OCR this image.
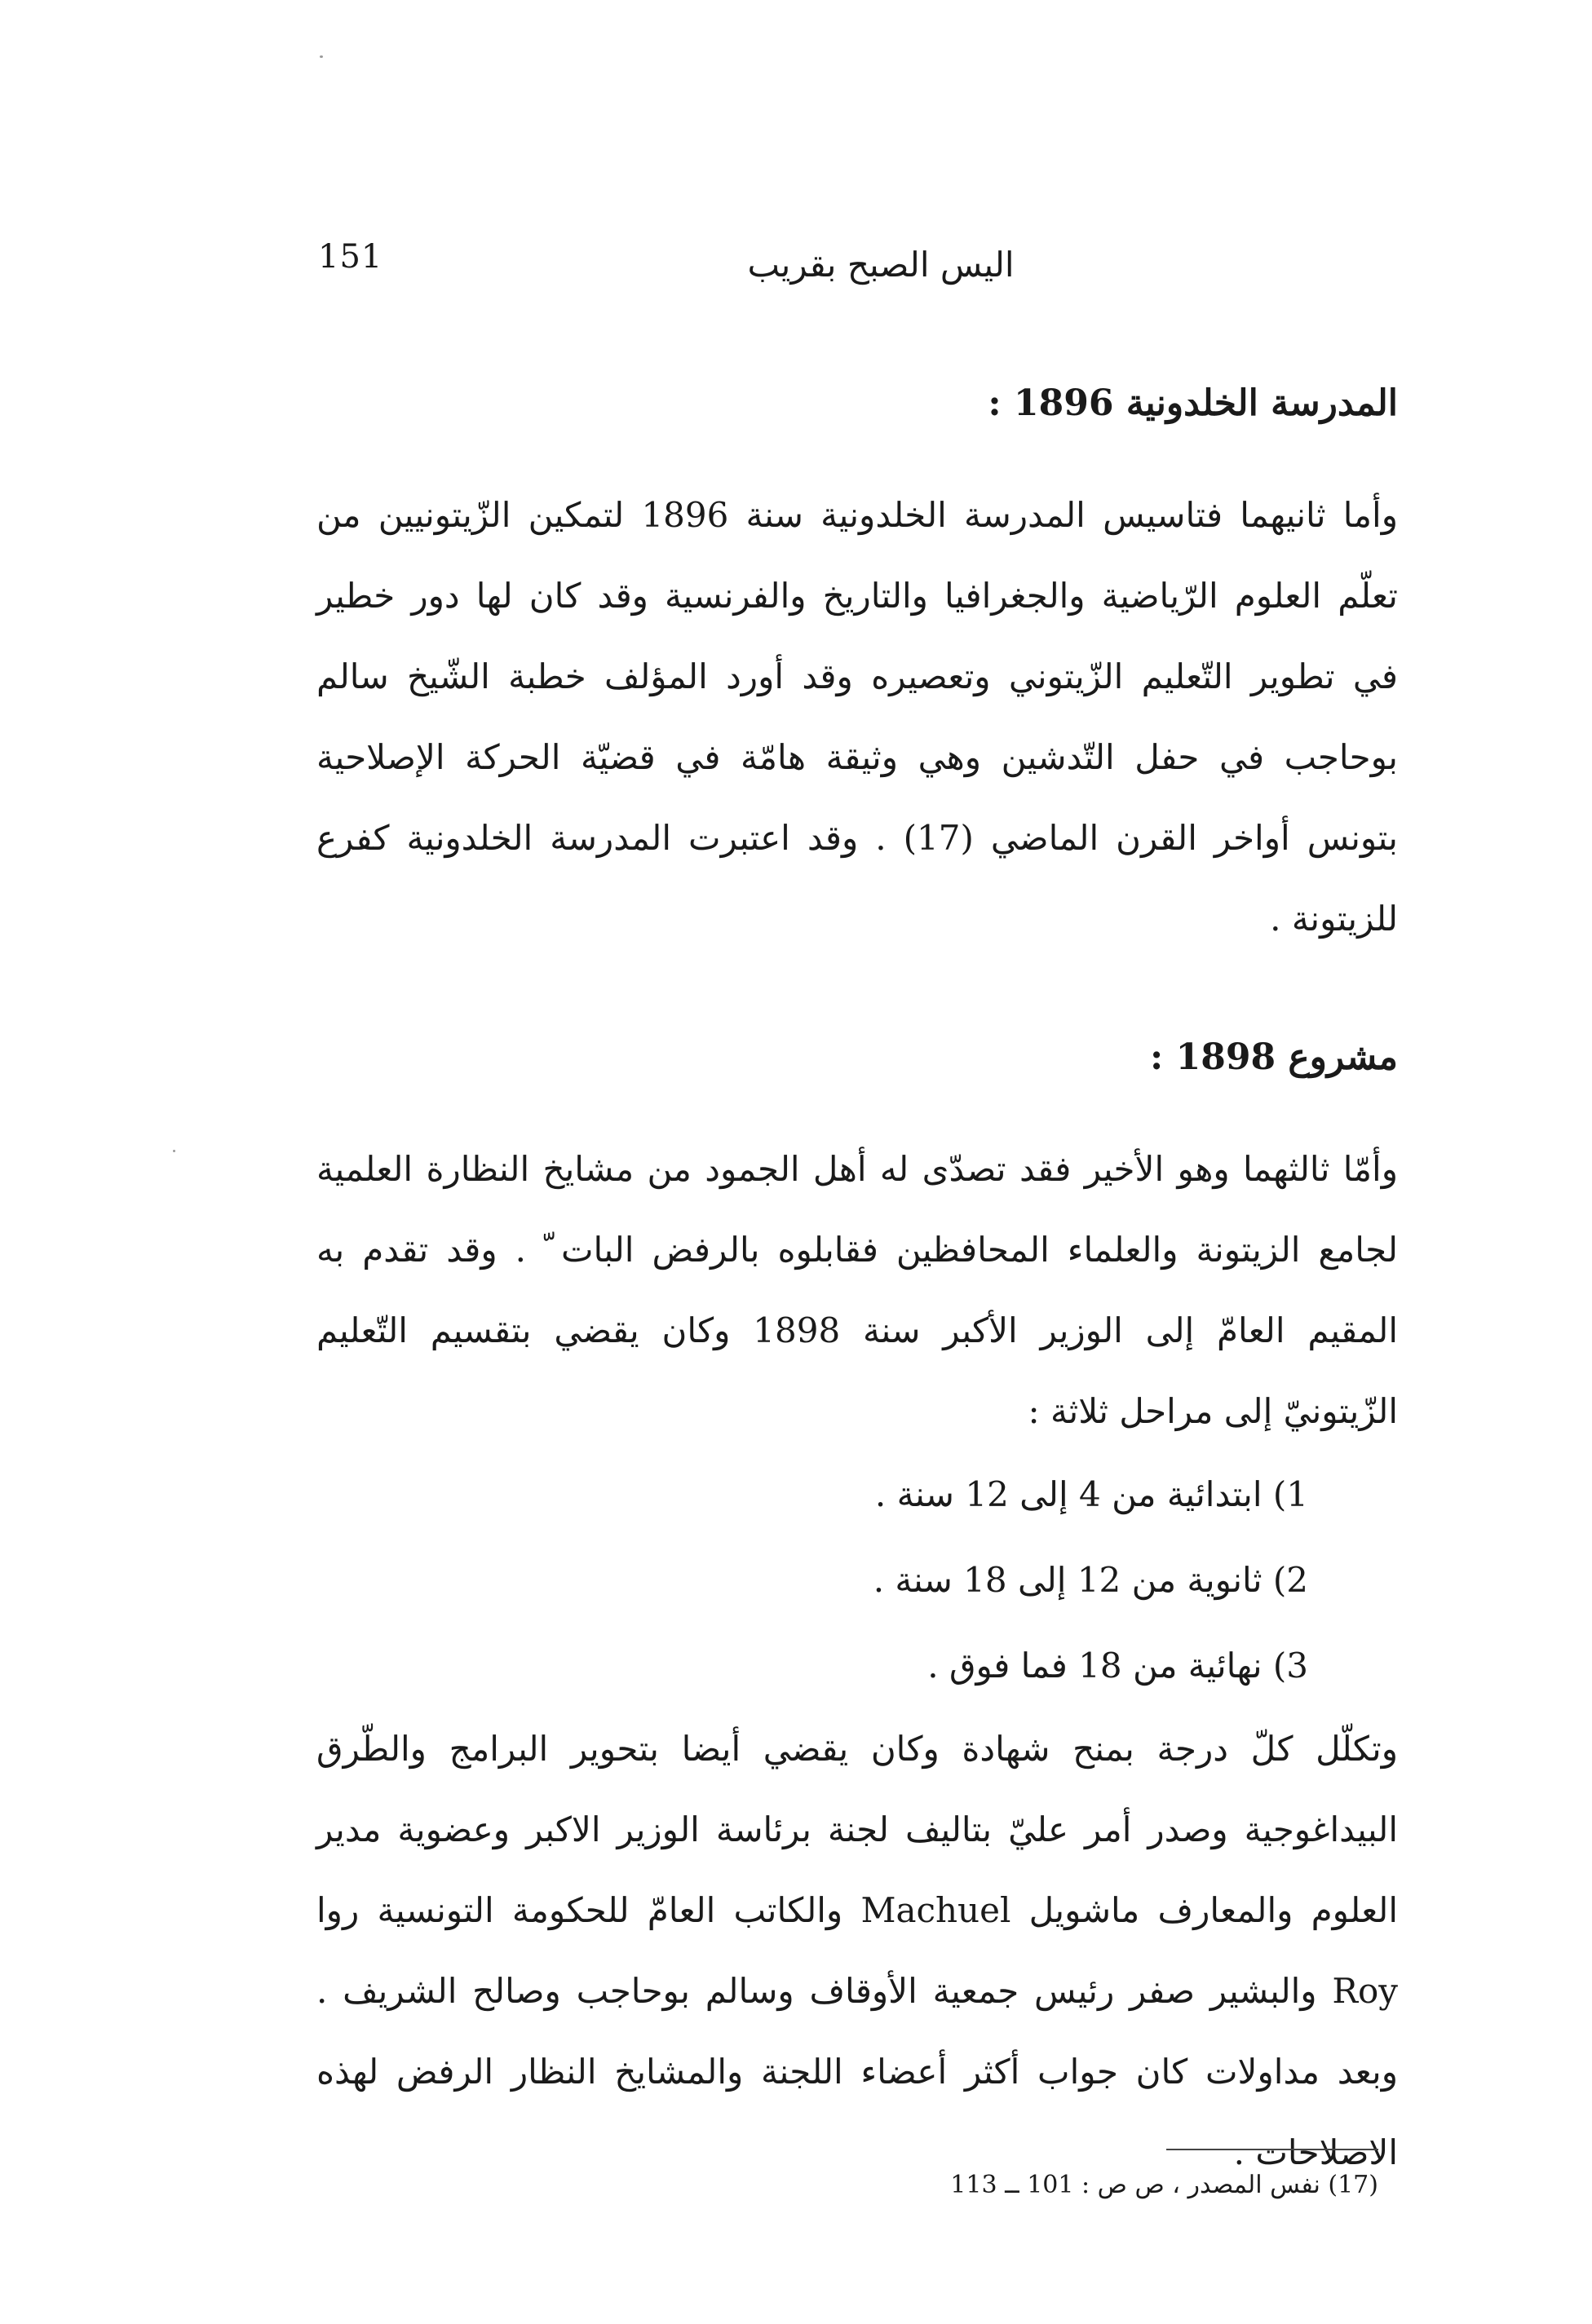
151	اليس الصبح بقريب
المدرسة الخلدونية 1896 :

وأما ثانيهما فتاسيس المدرسة الخلدونية سنة 1896 لتمكين الزّيتونيين من تعلّم العلوم الرّياضية والجغرافيا والتاريخ والفرنسية وقد كان لها دور خطير في تطوير التّعليم الزّيتوني وتعصيره وقد أورد المؤلف خطبة الشّيخ سالم بوحاجب في حفل التّدشين وهي وثيقة هامّة في قضيّة الحركة الإصلاحية بتونس أواخر القرن الماضي (17) . وقد اعتبرت المدرسة الخلدونية كفرع للزيتونة .

مشروع 1898 :

وأمّا ثالثهما وهو الأخير فقد تصدّى له أهل الجمود من مشايخ النظارة العلمية لجامع الزيتونة والعلماء المحافظين فقابلوه بالرفض البات ّ . وقد تقدم به المقيم العامّ إلى الوزير الأكبر سنة 1898 وكان يقضي بتقسيم التّعليم الزّيتونيّ إلى مراحل ثلاثة :

1) ابتدائية من 4 إلى 12 سنة .
2) ثانوية من 12 إلى 18 سنة .
3) نهائية من 18 فما فوق .

وتكلّل كلّ درجة بمنح شهادة وكان يقضي أيضا بتحوير البرامج والطّرق البيداغوجية وصدر أمر عليّ بتاليف لجنة برئاسة الوزير الاكبر وعضوية مدير العلوم والمعارف ماشويل Machuel والكاتب العامّ للحكومة التونسية روا Roy والبشير صفر رئيس جمعية الأوقاف وسالم بوحاجب وصالح الشريف . وبعد مداولات كان جواب أكثر أعضاء اللجنة والمشايخ النظار الرفض لهذه الاصلاحات .

(17) نفس المصدر ، ص ص : 101 ــ 113
